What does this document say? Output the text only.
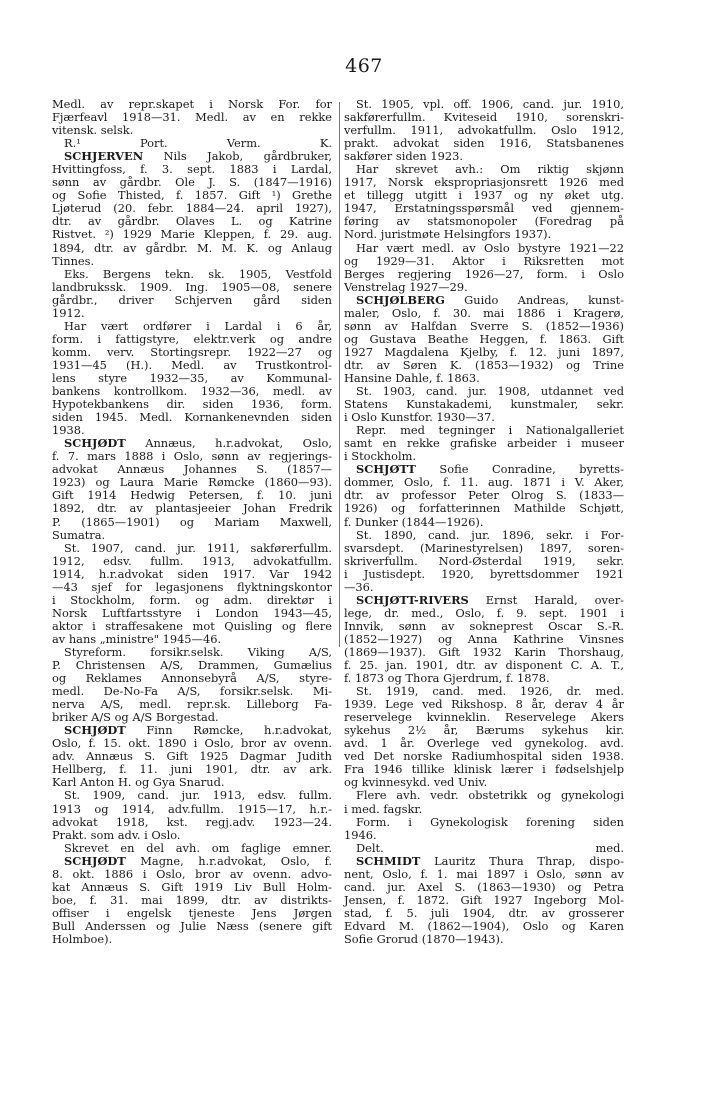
467
Medl. av repr.skapet i Norsk For. for
Fjærfeavl 1918—31. Medl. av en rekke
vitensk. selsk.
R.¹ Port. Verm. K.
SCHJERVEN Nils Jakob, gårdbruker,
Hvittingfoss, f. 3. sept. 1883 i Lardal,
sønn av gårdbr. Ole J. S. (1847—1916)
og Sofie Thisted, f. 1857. Gift ¹) Grethe
Ljøterud (20. febr. 1884—24. april 1927),
dtr. av gårdbr. Olaves L. og Katrine
Ristvet. ²) 1929 Marie Kleppen, f. 29. aug.
1894, dtr. av gårdbr. M. M. K. og Anlaug
Tinnes.
Eks. Bergens tekn. sk. 1905, Vestfold
landbrukssk. 1909. Ing. 1905—08, senere
gårdbr., driver Schjerven gård siden
1912.
Har vært ordfører i Lardal i 6 år,
form. i fattigstyre, elektr.verk og andre
komm. verv. Stortingsrepr. 1922—27 og
1931—45 (H.). Medl. av Trustkontrol-
lens styre 1932—35, av Kommunal-
bankens kontrollkom. 1932—36, medl. av
Hypotekbankens dir. siden 1936, form.
siden 1945. Medl. Kornankenevnden siden
1938.
SCHJØDT Annæus, h.r.advokat, Oslo,
f. 7. mars 1888 i Oslo, sønn av regjerings-
advokat Annæus Johannes S. (1857—
1923) og Laura Marie Rømcke (1860—93).
Gift 1914 Hedwig Petersen, f. 10. juni
1892, dtr. av plantasjeeier Johan Fredrik
P. (1865—1901) og Mariam Maxwell,
Sumatra.
St. 1907, cand. jur. 1911, sakførerfullm.
1912, edsv. fullm. 1913, advokatfullm.
1914, h.r.advokat siden 1917. Var 1942
—43 sjef for legasjonens flyktningskontor
i Stockholm, form. og adm. direktør i
Norsk Luftfartsstyre i London 1943—45,
aktor i straffesakene mot Quisling og flere
av hans „ministre" 1945—46.
Styreform. forsikr.selsk. Viking A/S,
P. Christensen A/S, Drammen, Gumælius
og Reklames Annonsebyrå A/S, styre-
medl. De-No-Fa A/S, forsikr.selsk. Mi-
nerva A/S, medl. repr.sk. Lilleborg Fa-
briker A/S og A/S Borgestad.
SCHJØDT Finn Rømcke, h.r.advokat,
Oslo, f. 15. okt. 1890 i Oslo, bror av ovenn.
adv. Annæus S. Gift 1925 Dagmar Judith
Hellberg, f. 11. juni 1901, dtr. av ark.
Karl Anton H. og Gya Snarud.
St. 1909, cand. jur. 1913, edsv. fullm.
1913 og 1914, adv.fullm. 1915—17, h.r.-
advokat 1918, kst. regj.adv. 1923—24.
Prakt. som adv. i Oslo.
Skrevet en del avh. om faglige emner.
SCHJØDT Magne, h.r.advokat, Oslo, f.
8. okt. 1886 i Oslo, bror av ovenn. advo-
kat Annæus S. Gift 1919 Liv Bull Holm-
boe, f. 31. mai 1899, dtr. av distrikts-
offiser i engelsk tjeneste Jens Jørgen
Bull Anderssen og Julie Næss (senere gift
Holmboe).
St. 1905, vpl. off. 1906, cand. jur. 1910,
sakførerfullm. Kviteseid 1910, sorenskri-
verfullm. 1911, advokatfullm. Oslo 1912,
prakt. advokat siden 1916, Statsbanenes
sakfører siden 1923.
Har skrevet avh.: Om riktig skjønn
1917, Norsk ekspropriasjonsrett 1926 med
et tillegg utgitt i 1937 og ny øket utg.
1947, Erstatningsspørsmål ved gjennem-
føring av statsmonopoler (Foredrag på
Nord. juristmøte Helsingfors 1937).
Har vært medl. av Oslo bystyre 1921—22
og 1929—31. Aktor i Riksretten mot
Berges regjering 1926—27, form. i Oslo
Venstrelag 1927—29.
SCHJØLBERG Guido Andreas, kunst-
maler, Oslo, f. 30. mai 1886 i Kragerø,
sønn av Halfdan Sverre S. (1852—1936)
og Gustava Beathe Heggen, f. 1863. Gift
1927 Magdalena Kjelby, f. 12. juni 1897,
dtr. av Søren K. (1853—1932) og Trine
Hansine Dahle, f. 1863.
St. 1903, cand. jur. 1908, utdannet ved
Statens Kunstakademi, kunstmaler, sekr.
i Oslo Kunstfor. 1930—37.
Repr. med tegninger i Nationalgalleriet
samt en rekke grafiske arbeider i museer
i Stockholm.
SCHJØTT Sofie Conradine, byretts-
dommer, Oslo, f. 11. aug. 1871 i V. Aker,
dtr. av professor Peter Olrog S. (1833—
1926) og forfatterinnen Mathilde Schjøtt,
f. Dunker (1844—1926).
St. 1890, cand. jur. 1896, sekr. i For-
svarsdept. (Marinestyrelsen) 1897, soren-
skriverfullm. Nord-Østerdal 1919, sekr.
i Justisdept. 1920, byrettsdommer 1921
—36.
SCHJØTT-RIVERS Ernst Harald, over-
lege, dr. med., Oslo, f. 9. sept. 1901 i
Innvik, sønn av sokneprest Oscar S.-R.
(1852—1927) og Anna Kathrine Vinsnes
(1869—1937). Gift 1932 Karin Thorshaug,
f. 25. jan. 1901, dtr. av disponent C. A. T.,
f. 1873 og Thora Gjerdrum, f. 1878.
St. 1919, cand. med. 1926, dr. med.
1939. Lege ved Rikshosp. 8 år, derav 4 år
reservelege kvinneklin. Reservelege Akers
sykehus 2½ år, Bærums sykehus kir.
avd. 1 år. Overlege ved gynekolog. avd.
ved Det norske Radiumhospital siden 1938.
Fra 1946 tillike klinisk lærer i fødselshjelp
og kvinnesykd. ved Univ.
Flere avh. vedr. obstetrikk og gynekologi
i med. fagskr.
Form. i Gynekologisk forening siden
1946.
Delt. med.
SCHMIDT Lauritz Thura Thrap, dispo-
nent, Oslo, f. 1. mai 1897 i Oslo, sønn av
cand. jur. Axel S. (1863—1930) og Petra
Jensen, f. 1872. Gift 1927 Ingeborg Mol-
stad, f. 5. juli 1904, dtr. av grosserer
Edvard M. (1862—1904), Oslo og Karen
Sofie Grorud (1870—1943).
